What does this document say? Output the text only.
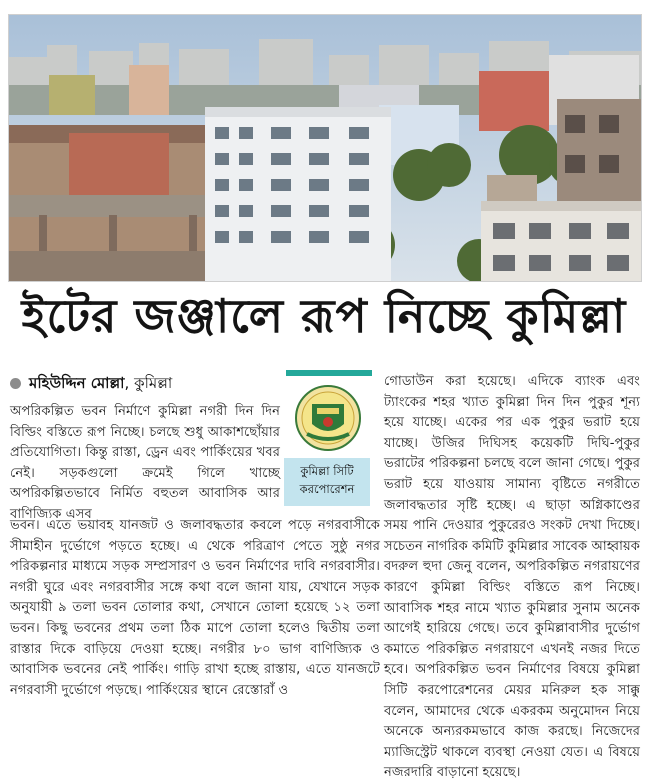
ইটের জঞ্জালে রূপ নিচ্ছে কুমিল্লা
মহিউদ্দিন মোল্লা, কুমিল্লা

অপরিকল্পিত ভবন নির্মাণে কুমিল্লা নগরী দিন দিন বিল্ডিং বস্তিতে রূপ নিচ্ছে। চলছে শুধু আকাশছোঁয়ার প্রতিযোগিতা। কিন্তু রাস্তা, ড্রেন এবং পার্কিংয়ের খবর নেই। সড়কগুলো ক্রমেই গিলে খাচ্ছে অপরিকল্পিতভাবে নির্মিত বহুতল আবাসিক আর বাণিজ্যিক এসব

কুমিল্লা সিটি
করপোরেশন

গোডাউন করা হয়েছে। এদিকে ব্যাংক এবং ট্যাংকের শহর খ্যাত কুমিল্লা দিন দিন পুকুর শূন্য হয়ে যাচ্ছে। একের পর এক পুকুর ভরাট হয়ে যাচ্ছে। উজির দিঘিসহ কয়েকটি দিঘি-পুকুর ভরাটের পরিকল্পনা চলছে বলে জানা গেছে। পুকুর ভরাট হয়ে যাওয়ায় সামান্য বৃষ্টিতে নগরীতে জলাবদ্ধতার সৃষ্টি হচ্ছে। এ ছাড়া অগ্নিকাণ্ডের সময় পানি দেওয়ার পুকুরেরও সংকট দেখা দিচ্ছে। সচেতন নাগরিক কমিটি কুমিল্লার সাবেক আহ্বায়ক বদরুল হুদা জেনু বলেন, অপরিকল্পিত নগরায়ণের কারণে কুমিল্লা বিল্ডিং বস্তিতে রূপ নিচ্ছে। আবাসিক শহর নামে খ্যাত কুমিল্লার সুনাম অনেক আগেই হারিয়ে গেছে। তবে কুমিল্লাবাসীর দুর্ভোগ কমাতে পরিকল্পিত নগরায়ণে এখনই নজর দিতে হবে। অপরিকল্পিত ভবন নির্মাণের বিষয়ে কুমিল্লা সিটি করপোরেশনের মেয়র মনিরুল হক সাক্কু বলেন, আমাদের থেকে একরকম অনুমোদন নিয়ে অনেকে অন্যরকমভাবে কাজ করছে। নিজেদের ম্যাজিস্ট্রেট থাকলে ব্যবস্থা নেওয়া যেত। এ বিষয়ে নজরদারি বাড়ানো হয়েছে।

ভবন। এতে ভয়াবহ যানজট ও জলাবদ্ধতার কবলে পড়ে নগরবাসীকে সীমাহীন দুর্ভোগে পড়তে হচ্ছে। এ থেকে পরিত্রাণ পেতে সুষ্ঠু নগর পরিকল্পনার মাধ্যমে সড়ক সম্প্রসারণ ও ভবন নির্মাণের দাবি নগরবাসীর। নগরী ঘুরে এবং নগরবাসীর সঙ্গে কথা বলে জানা যায়, যেখানে সড়ক অনুযায়ী ৯ তলা ভবন তোলার কথা, সেখানে তোলা হয়েছে ১২ তলা ভবন। কিছু ভবনের প্রথম তলা ঠিক মাপে তোলা হলেও দ্বিতীয় তলা রাস্তার দিকে বাড়িয়ে দেওয়া হচ্ছে। নগরীর ৮০ ভাগ বাণিজ্যিক ও আবাসিক ভবনের নেই পার্কিং। গাড়ি রাখা হচ্ছে রাস্তায়, এতে যানজটে নগরবাসী দুর্ভোগে পড়ছে। পার্কিংয়ের স্থানে রেস্তোরাঁ ও
